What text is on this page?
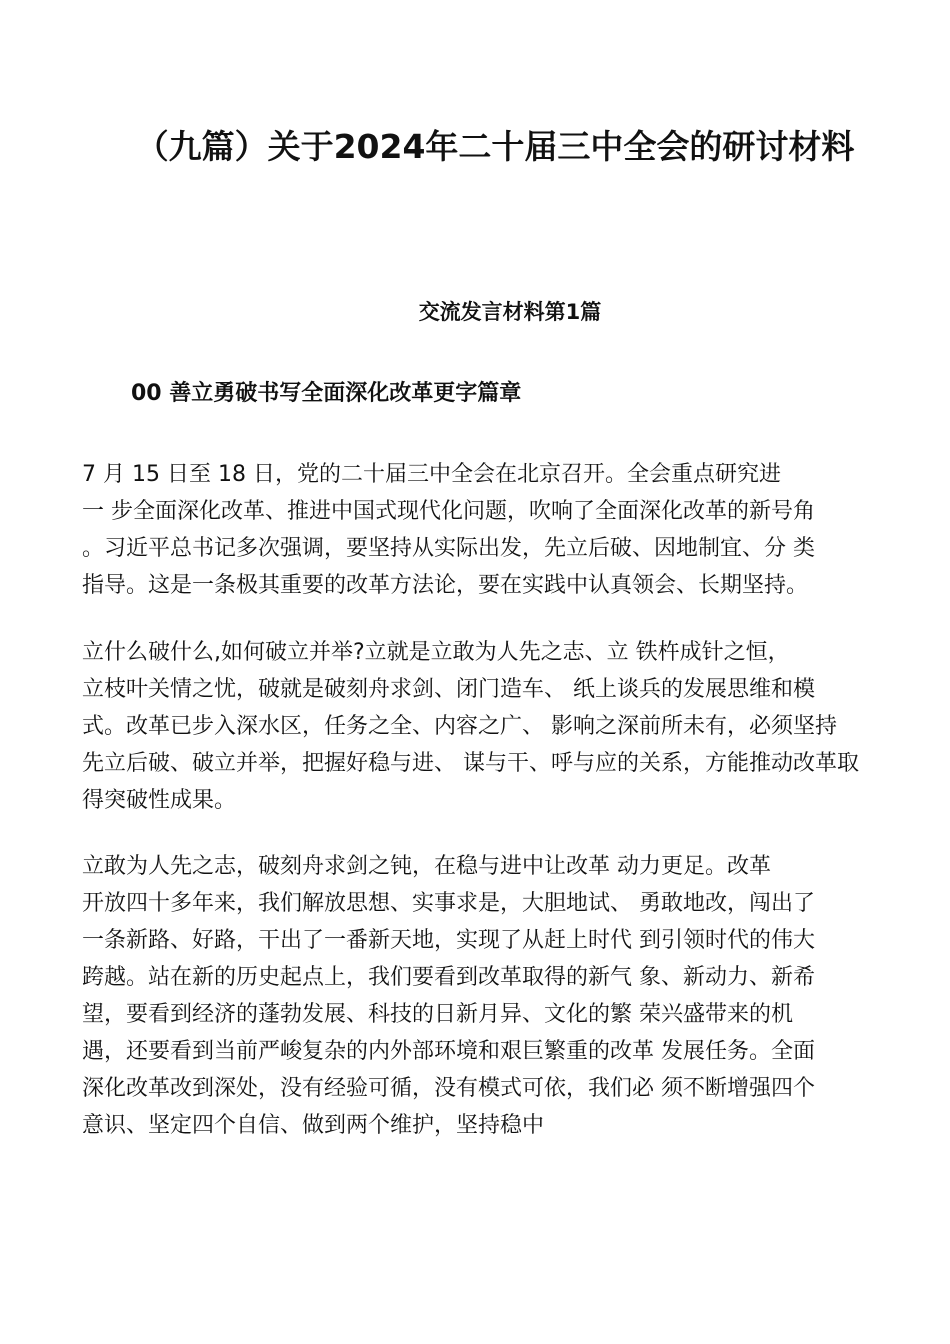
（九篇）关于2024年二十届三中全会的研讨材料
交流发言材料第1篇
00 善立勇破书写全面深化改革更字篇章
7 月 15 日至 18 日，党的二十届三中全会在北京召开。全会重点研究进
一 步全面深化改革、推进中国式现代化问题，吹响了全面深化改革的新号角
。习近平总书记多次强调，要坚持从实际出发，先立后破、因地制宜、分 类
指导。这是一条极其重要的改革方法论，要在实践中认真领会、长期坚持。
立什么破什么,如何破立并举?立就是立敢为人先之志、立 铁杵成针之恒，
立枝叶关情之忧，破就是破刻舟求剑、闭门造车、 纸上谈兵的发展思维和模
式。改革已步入深水区，任务之全、内容之广、 影响之深前所未有，必须坚持
先立后破、破立并举，把握好稳与进、 谋与干、呼与应的关系，方能推动改革取
得突破性成果。
立敢为人先之志，破刻舟求剑之钝，在稳与进中让改革 动力更足。改革
开放四十多年来，我们解放思想、实事求是，大胆地试、 勇敢地改，闯出了
一条新路、好路，干出了一番新天地，实现了从赶上时代 到引领时代的伟大
跨越。站在新的历史起点上，我们要看到改革取得的新气 象、新动力、新希
望，要看到经济的蓬勃发展、科技的日新月异、文化的繁 荣兴盛带来的机
遇，还要看到当前严峻复杂的内外部环境和艰巨繁重的改革 发展任务。全面
深化改革改到深处，没有经验可循，没有模式可依，我们必 须不断增强四个
意识、坚定四个自信、做到两个维护，坚持稳中
